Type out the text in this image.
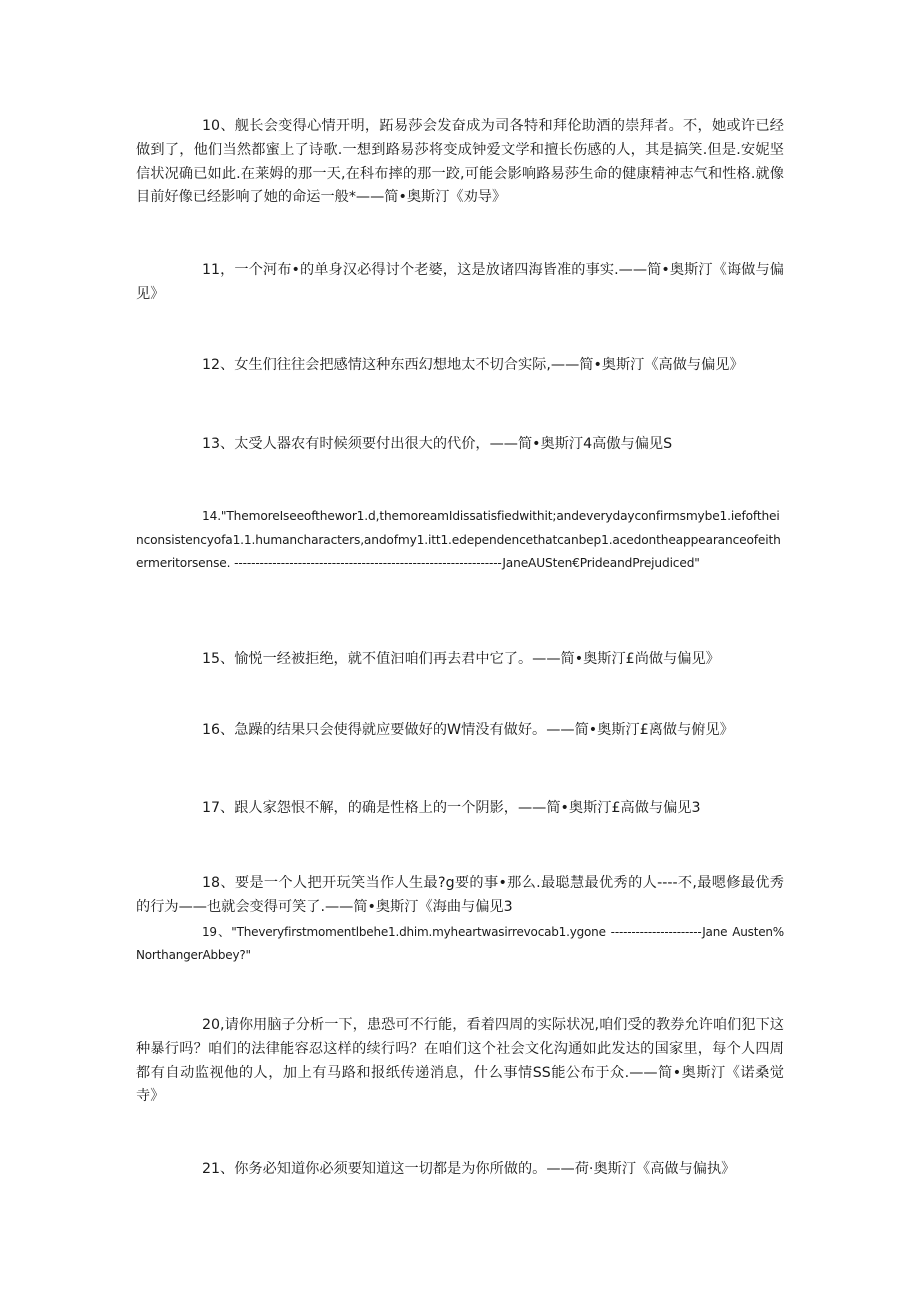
10、舰长会变得心情开明，跖易莎会发奋成为司各特和拜伦助酒的崇拜者。不，她或许已经做到了，他们当然都蜜上了诗歌.一想到路易莎将变成钟爱文学和擅长伤感的人，其是搞笑.但是.安妮坚信状况确已如此.在莱姆的那一天,在科布摔的那一跤,可能会影响路易莎生命的健康精神志气和性格.就像目前好像已经影响了她的命运一般*——简•奥斯汀《劝导》

11，一个河布•的单身汉必得讨个老婆，这是放诸四海皆准的事实.——简•奥斯汀《诲做与偏见》

12、女生们往往会把感情这种东西幻想地太不切合实际,——简•奥斯汀《高做与偏见》

13、太受人器农有时候须要付出很大的代价，——简•奥斯汀4高傲与偏见S

14."ThemoreIseeofthewor1.d,themoreamIdissatisfiedwithit;andeverydayconfirmsmybe1.iefoftheinconsistencyofa1.1.humancharacters,andofmy1.itt1.edependencethatcanbep1.acedontheappearanceofeithermeritorsense. ---------------------------------------------------------------JaneAUSten€PrideandPrejudiced"

15、愉悦一经被拒绝，就不值汩咱们再去君中它了。——简•奥斯汀£尚做与偏见》

16、急躁的结果只会使得就应要做好的W情没有做好。——简•奥斯汀£离做与俯见》

17、跟人家怨恨不解，的确是性格上的一个阴影，——简•奥斯汀£高做与偏见3

18、要是一个人把开玩笑当作人生最?g要的事•那么.最聪慧最优秀的人----不,最嗯修最优秀的行为——也就会变得可笑了.——简•奥斯汀《海曲与偏见3

19、"Theveryfirstmomentlbehe1.dhim.myheartwasirrevocab1.ygone ----------------------Jane Austen%NorthangerAbbey?"

20,请你用脑子分析一下，患恐可不行能，看着四周的实际状况,咱们受的教券允许咱们犯下这种暴行吗？咱们的法律能容忍这样的续行吗？在咱们这个社会文化沟通如此发达的国家里，每个人四周都有自动监视他的人，加上有马路和报纸传递消息，什么事情SS能公布于众.——简•奥斯汀《诺桑觉寺》

21、你务必知道你必须要知道这一切都是为你所做的。——荷·奥斯汀《高做与偏执》
